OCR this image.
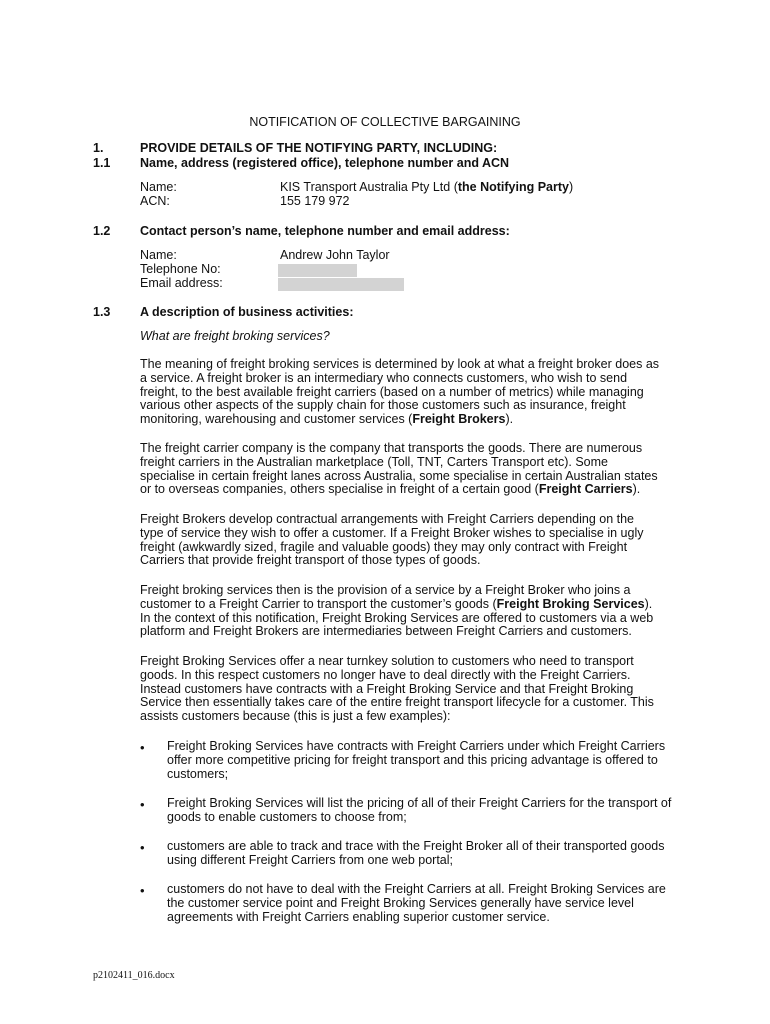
NOTIFICATION OF COLLECTIVE BARGAINING
1.	PROVIDE DETAILS OF THE NOTIFYING PARTY, INCLUDING:
1.1 Name, address (registered office), telephone number and ACN
Name:	KIS Transport Australia Pty Ltd (the Notifying Party)
ACN:	155 179 972
1.2 Contact person’s name, telephone number and email address:
Name:	Andrew John Taylor
Telephone No:
Email address:
1.3 A description of business activities:
What are freight broking services?

The meaning of freight broking services is determined by look at what a freight broker does as a service. A freight broker is an intermediary who connects customers, who wish to send freight, to the best available freight carriers (based on a number of metrics) while managing various other aspects of the supply chain for those customers such as insurance, freight monitoring, warehousing and customer services (Freight Brokers).

The freight carrier company is the company that transports the goods. There are numerous freight carriers in the Australian marketplace (Toll, TNT, Carters Transport etc). Some specialise in certain freight lanes across Australia, some specialise in certain Australian states or to overseas companies, others specialise in freight of a certain good (Freight Carriers).

Freight Brokers develop contractual arrangements with Freight Carriers depending on the type of service they wish to offer a customer. If a Freight Broker wishes to specialise in ugly freight (awkwardly sized, fragile and valuable goods) they may only contract with Freight Carriers that provide freight transport of those types of goods.

Freight broking services then is the provision of a service by a Freight Broker who joins a customer to a Freight Carrier to transport the customer’s goods (Freight Broking Services). In the context of this notification, Freight Broking Services are offered to customers via a web platform and Freight Brokers are intermediaries between Freight Carriers and customers.

Freight Broking Services offer a near turnkey solution to customers who need to transport goods. In this respect customers no longer have to deal directly with the Freight Carriers. Instead customers have contracts with a Freight Broking Service and that Freight Broking Service then essentially takes care of the entire freight transport lifecycle for a customer. This assists customers because (this is just a few examples):

• Freight Broking Services have contracts with Freight Carriers under which Freight Carriers offer more competitive pricing for freight transport and this pricing advantage is offered to customers;

• Freight Broking Services will list the pricing of all of their Freight Carriers for the transport of goods to enable customers to choose from;

• customers are able to track and trace with the Freight Broker all of their transported goods using different Freight Carriers from one web portal;

• customers do not have to deal with the Freight Carriers at all. Freight Broking Services are the customer service point and Freight Broking Services generally have service level agreements with Freight Carriers enabling superior customer service.

p2102411_016.docx
